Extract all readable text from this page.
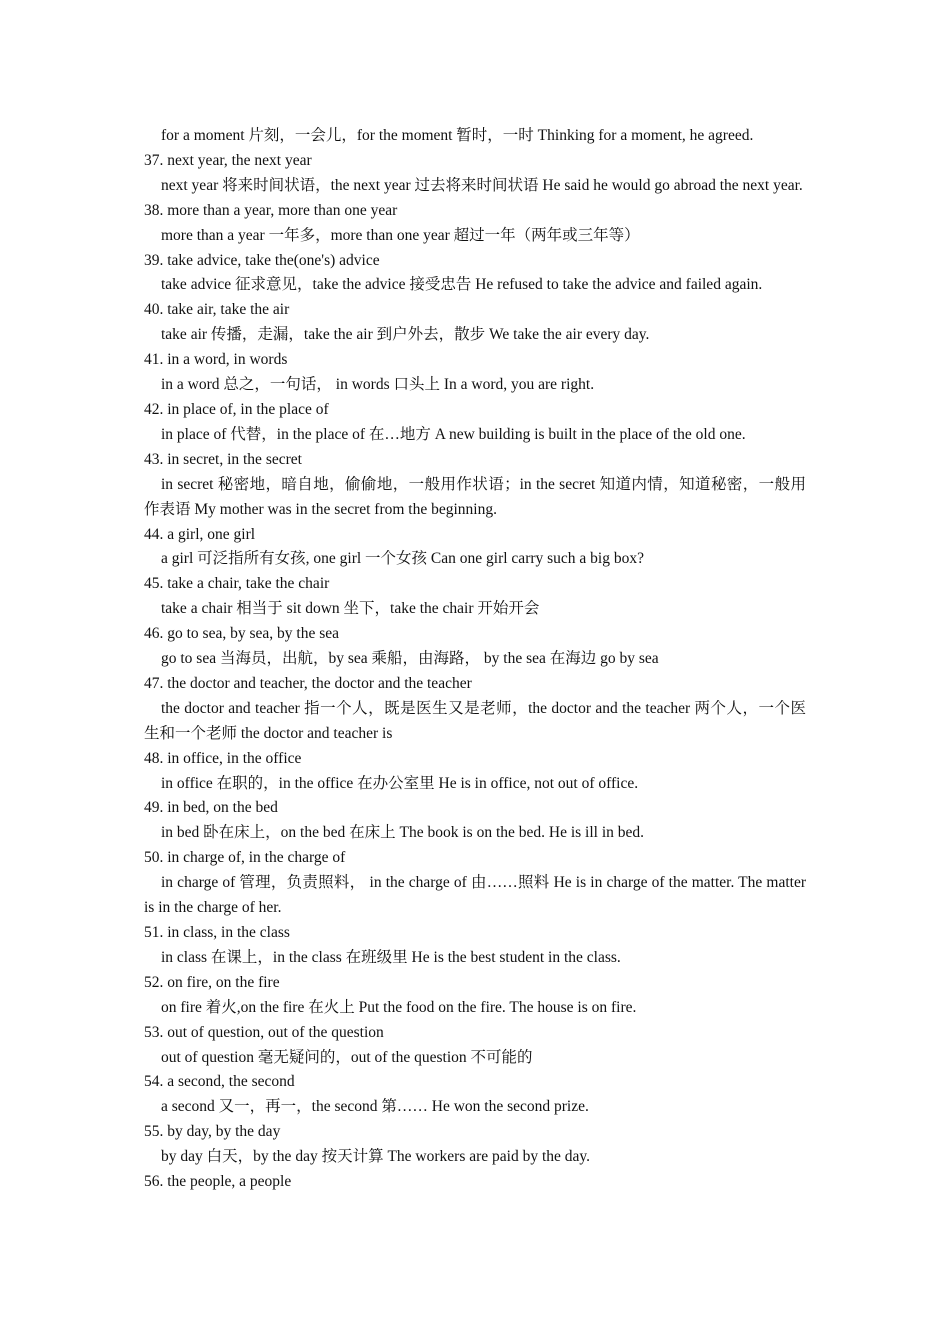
for a moment 片刻，一会儿，for the moment 暂时，一时 Thinking for a moment, he agreed.

37. next year, the next year

next year 将来时间状语，the next year 过去将来时间状语 He said he would go abroad the next year.

38. more than a year, more than one year

more than a year 一年多，more than one year 超过一年（两年或三年等）

39. take advice, take the(one's) advice

take advice 征求意见，take the advice 接受忠告 He refused to take the advice and failed again.

40. take air, take the air

take air 传播，走漏，take the air 到户外去，散步 We take the air every day.

41. in a word, in words

in a word 总之，一句话， in words 口头上 In a word, you are right.

42. in place of, in the place of

in place of 代替，in the place of 在…地方 A new building is built in the place of the old one.

43. in secret, in the secret

in secret 秘密地，暗自地，偷偷地，一般用作状语；in the secret 知道内情，知道秘密，一般用作表语 My mother was in the secret from the beginning.

44. a girl, one girl

a girl 可泛指所有女孩, one girl 一个女孩 Can one girl carry such a big box?

45. take a chair, take the chair

take a chair 相当于 sit down 坐下，take the chair 开始开会

46. go to sea, by sea, by the sea

go to sea 当海员，出航，by sea 乘船，由海路， by the sea 在海边 go by sea

47. the doctor and teacher, the doctor and the teacher

the doctor and teacher 指一个人，既是医生又是老师，the doctor and the teacher 两个人，一个医生和一个老师 the doctor and teacher is

48. in office, in the office

in office 在职的，in the office 在办公室里 He is in office, not out of office.

49. in bed, on the bed

in bed 卧在床上，on the bed 在床上 The book is on the bed. He is ill in bed.

50. in charge of, in the charge of

in charge of 管理，负责照料， in the charge of 由……照料 He is in charge of the matter. The matter is in the charge of her.

51. in class, in the class

in class 在课上，in the class 在班级里 He is the best student in the class.

52. on fire, on the fire

on fire 着火,on the fire 在火上 Put the food on the fire. The house is on fire.

53. out of question, out of the question

out of question 毫无疑问的，out of the question 不可能的

54. a second, the second

a second 又一，再一，the second 第…… He won the second prize.

55. by day, by the day

by day 白天，by the day 按天计算 The workers are paid by the day.

56. the people, a people
